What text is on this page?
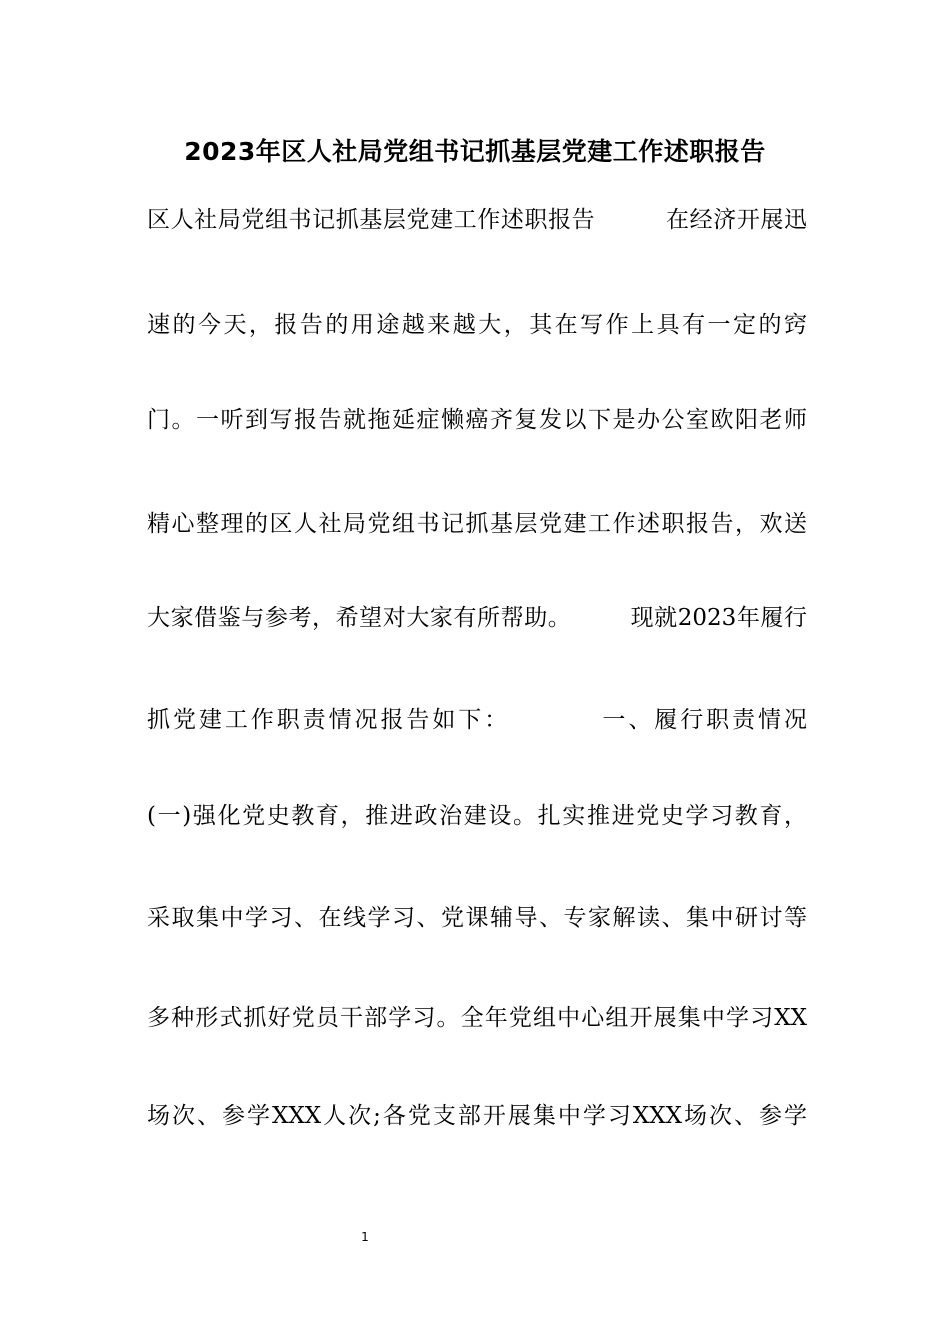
2023年区人社局党组书记抓基层党建工作述职报告
区人社局党组书记抓基层党建工作述职报告　　　在经济开展迅
速的今天，报告的用途越来越大，其在写作上具有一定的窍
门。一听到写报告就拖延症懒癌齐复发以下是办公室欧阳老师
精心整理的区人社局党组书记抓基层党建工作述职报告，欢送
大家借鉴与参考，希望对大家有所帮助。　　　现就2023年履行
抓党建工作职责情况报告如下：　　　　一、履行职责情况
(一)强化党史教育，推进政治建设。扎实推进党史学习教育，
采取集中学习、在线学习、党课辅导、专家解读、集中研讨等
多种形式抓好党员干部学习。全年党组中心组开展集中学习XX
场次、参学XXX人次;各党支部开展集中学习XXX场次、参学
1
